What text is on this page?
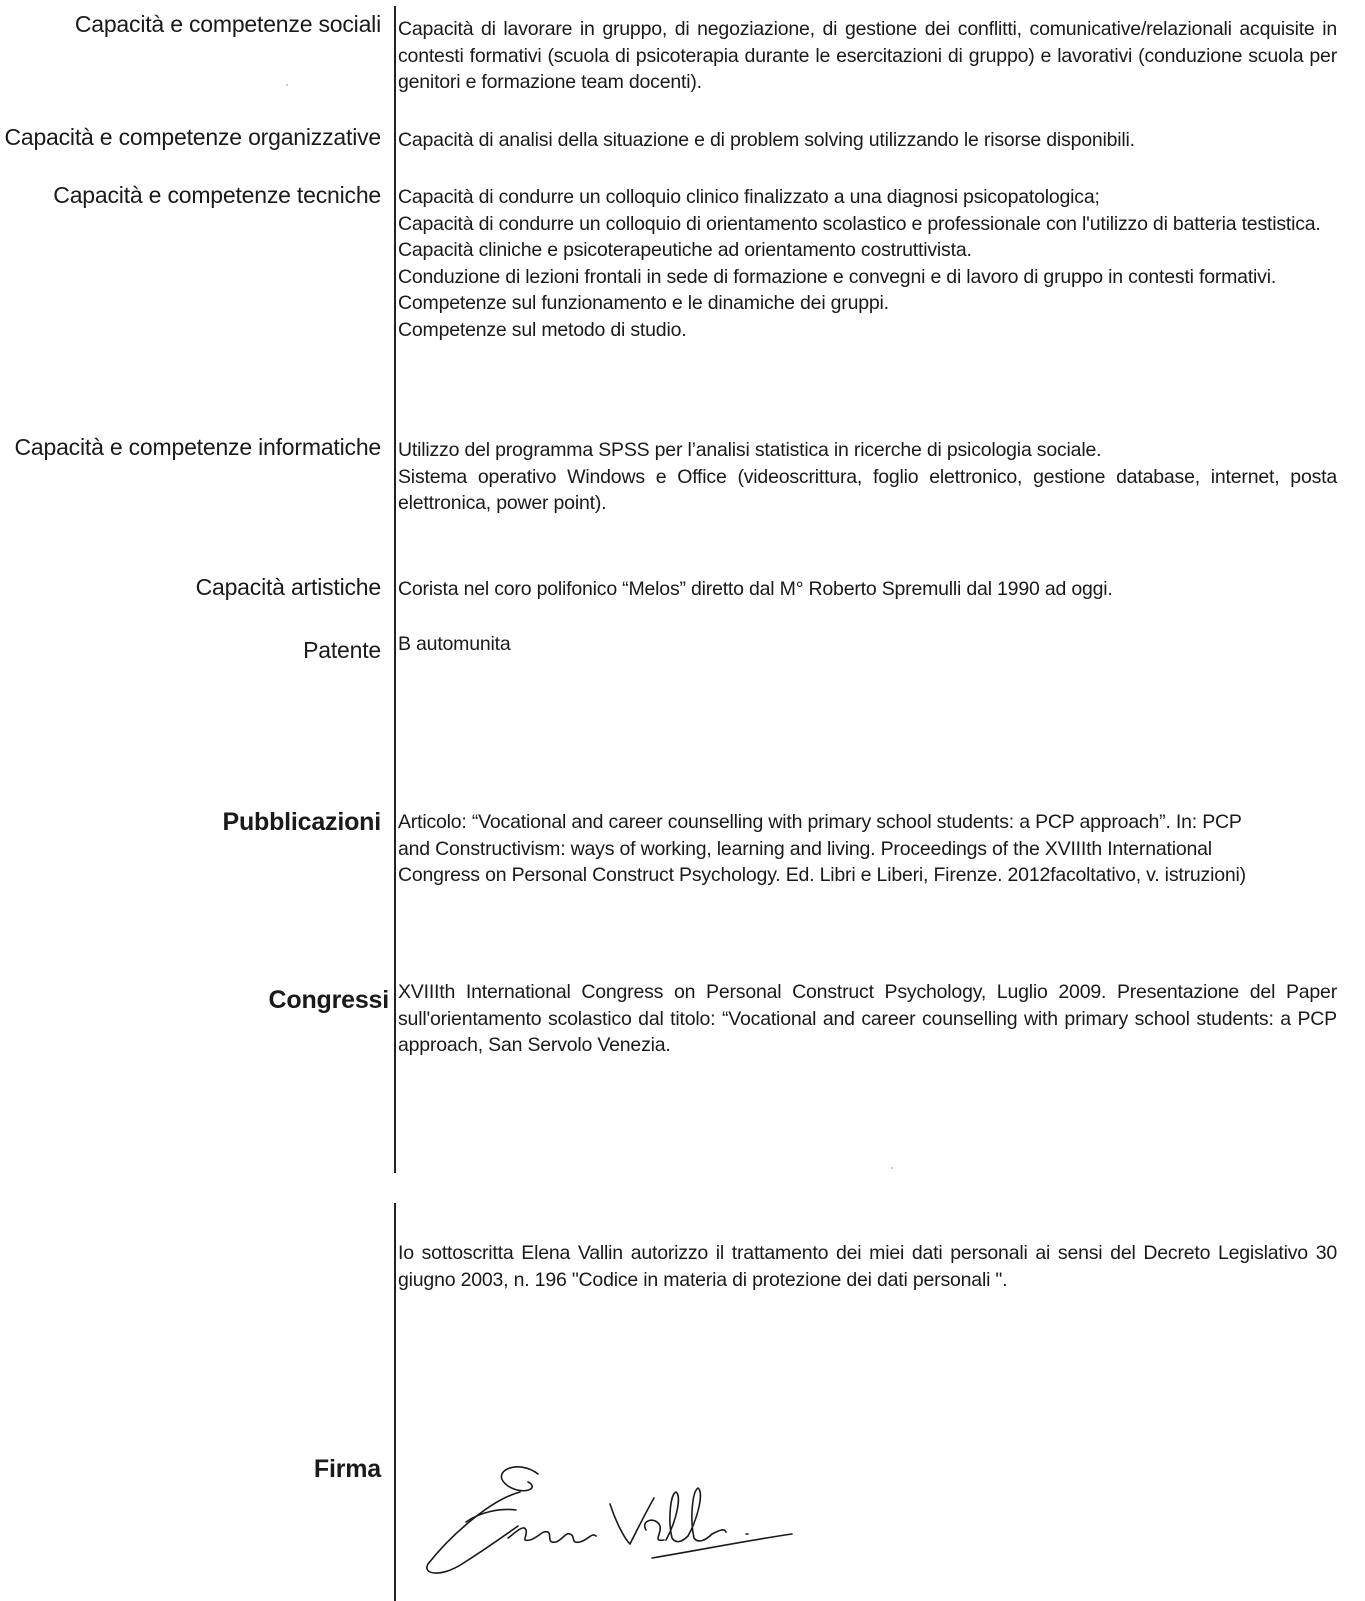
Capacità e competenze sociali Capacità di lavorare in gruppo, di negoziazione, di gestione dei conflitti, comunicative/relazionali acquisite in contesti formativi (scuola di psicoterapia durante le esercitazioni di gruppo) e lavorativi (conduzione scuola per genitori e formazione team docenti).

Capacità e competenze organizzative Capacità di analisi della situazione e di problem solving utilizzando le risorse disponibili.

Capacità e competenze tecniche Capacità di condurre un colloquio clinico finalizzato a una diagnosi psicopatologica;

Capacità di condurre un colloquio di orientamento scolastico e professionale con l'utilizzo di batteria testistica.

Capacità cliniche e psicoterapeutiche ad orientamento costruttivista.

Conduzione di lezioni frontali in sede di formazione e convegni e di lavoro di gruppo in contesti formativi.

Competenze sul funzionamento e le dinamiche dei gruppi.

Competenze sul metodo di studio.

Capacità e competenze informatiche Utilizzo del programma SPSS per l’analisi statistica in ricerche di psicologia sociale.

Sistema operativo Windows e Office (videoscrittura, foglio elettronico, gestione database, internet, posta elettronica, power point).

Capacità artistiche Corista nel coro polifonico “Melos” diretto dal M° Roberto Spremulli dal 1990 ad oggi.

Patente B automunita

Pubblicazioni Articolo: “Vocational and career counselling with primary school students: a PCP approach”. In: PCP

and Constructivism: ways of working, learning and living. Proceedings of the XVIIIth International

Congress on Personal Construct Psychology. Ed. Libri e Liberi, Firenze. 2012facoltativo, v. istruzioni)

Congressi XVIIIth International Congress on Personal Construct Psychology, Luglio 2009. Presentazione del Paper sull'orientamento scolastico dal titolo: “Vocational and career counselling with primary school students: a PCP approach, San Servolo Venezia.

Io sottoscritta Elena Vallin autorizzo il trattamento dei miei dati personali ai sensi del Decreto Legislativo 30 giugno 2003, n. 196 "Codice in materia di protezione dei dati personali ".

Firma
